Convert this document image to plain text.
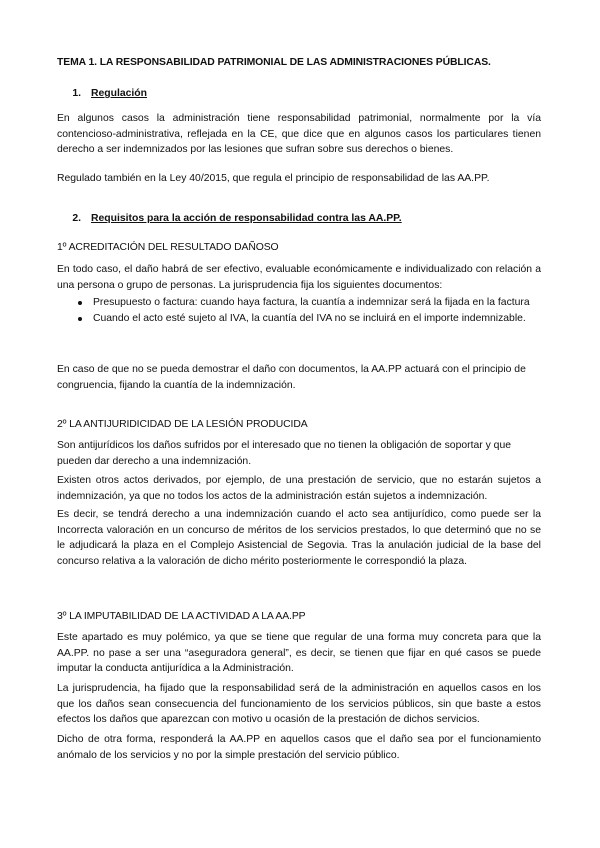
TEMA 1. LA RESPONSABILIDAD PATRIMONIAL DE LAS ADMINISTRACIONES PÚBLICAS.

1. Regulación

En algunos casos la administración tiene responsabilidad patrimonial, normalmente por la vía contencioso-administrativa, reflejada en la CE, que dice que en algunos casos los particulares tienen derecho a ser indemnizados por las lesiones que sufran sobre sus derechos o bienes.

Regulado también en la Ley 40/2015, que regula el principio de responsabilidad de las AA.PP.

2. Requisitos para la acción de responsabilidad contra las AA.PP.

1º ACREDITACIÓN DEL RESULTADO DAÑOSO

En todo caso, el daño habrá de ser efectivo, evaluable económicamente e individualizado con relación a una persona o grupo de personas. La jurisprudencia fija los siguientes documentos:

Presupuesto o factura: cuando haya factura, la cuantía a indemnizar será la fijada en la factura
Cuando el acto esté sujeto al IVA, la cuantía del IVA no se incluirá en el importe indemnizable.

En caso de que no se pueda demostrar el daño con documentos, la AA.PP actuará con el principio de congruencia, fijando la cuantía de la indemnización.

2º LA ANTIJURIDICIDAD DE LA LESIÓN PRODUCIDA

Son antijurídicos los daños sufridos por el interesado que no tienen la obligación de soportar y que pueden dar derecho a una indemnización.

Existen otros actos derivados, por ejemplo, de una prestación de servicio, que no estarán sujetos a indemnización, ya que no todos los actos de la administración están sujetos a indemnización.

Es decir, se tendrá derecho a una indemnización cuando el acto sea antijurídico, como puede ser la Incorrecta valoración en un concurso de méritos de los servicios prestados, lo que determinó que no se le adjudicará la plaza en el Complejo Asistencial de Segovia. Tras la anulación judicial de la base del concurso relativa a la valoración de dicho mérito posteriormente le correspondió la plaza.

3º LA IMPUTABILIDAD DE LA ACTIVIDAD A LA AA.PP

Este apartado es muy polémico, ya que se tiene que regular de una forma muy concreta para que la AA.PP. no pase a ser una “aseguradora general”, es decir, se tienen que fijar en qué casos se puede imputar la conducta antijurídica a la Administración.

La jurisprudencia, ha fijado que la responsabilidad será de la administración en aquellos casos en los que los daños sean consecuencia del funcionamiento de los servicios públicos, sin que baste a estos efectos los daños que aparezcan con motivo u ocasión de la prestación de dichos servicios.

Dicho de otra forma, responderá la AA.PP en aquellos casos que el daño sea por el funcionamiento anómalo de los servicios y no por la simple prestación del servicio público.
